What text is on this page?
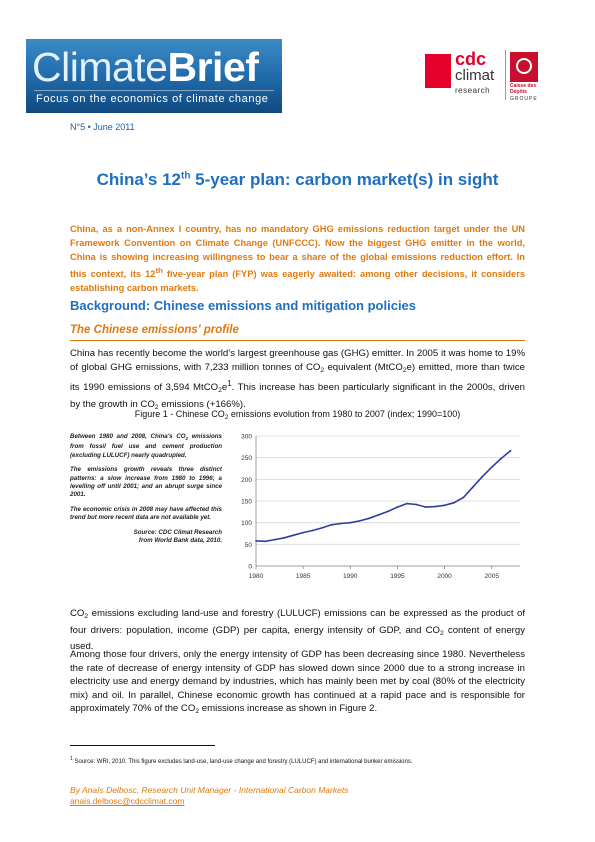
ClimateBrief
Focus on the economics of climate change
cdc
climat
research	Caisse des Dépôts
GROUPE
N°5 • June 2011
China’s 12th 5-year plan: carbon market(s) in sight
China, as a non-Annex I country, has no mandatory GHG emissions reduction target under the UN Framework Convention on Climate Change (UNFCCC). Now the biggest GHG emitter in the world, China is showing increasing willingness to bear a share of the global emissions reduction effort. In this context, its 12th five-year plan (FYP) was eagerly awaited: among other decisions, it considers establishing carbon markets.
Background: Chinese emissions and mitigation policies
The Chinese emissions' profile
China has recently become the world’s largest greenhouse gas (GHG) emitter. In 2005 it was home to 19% of global GHG emissions, with 7,233 million tonnes of $CO_2$ equivalent (MtCO$_2$e) emitted, more than twice its 1990 emissions of 3,594 $MtCO_2e^1$. This increase has been particularly significant in the 2000s, driven by the growth in $CO_2$ emissions (+166%).
Figure 1 - Chinese $CO_2$ emissions evolution from 1980 to 2007 (index; 1990=100)

Between 1980 and 2008, China's $CO_2$ emissions from fossil fuel use and cement production (excluding LULUCF) nearly quadrupled.

The emissions growth reveals three distinct patterns: a slow increase from 1980 to 1996; a levelling off until 2001; and an abrupt surge since 2001.

The economic crisis in 2008 may have affected this trend but more recent data are not available yet.

Source: CDC Climat Research
from World Bank data, 2010.

0
50
100
150
200
250
300
1980	1985	1990	1995	2000	2005
$CO_2$ emissions excluding land-use and forestry (LULUCF) emissions can be expressed as the product of four drivers: population, income (GDP) per capita, energy intensity of GDP, and $CO_2$ content of energy used.
Among those four drivers, only the energy intensity of GDP has been decreasing since 1980. Nevertheless the rate of decrease of energy intensity of GDP has slowed down since 2000 due to a strong increase in electricity use and energy demand by industries, which has mainly been met by coal (80% of the electricity mix) and oil. In parallel, Chinese economic growth has continued at a rapid pace and is responsible for approximately 70% of the $CO_2$ emissions increase as shown in Figure 2.
$^1$ Source: WRI, 2010. This figure excludes land-use, land-use change and forestry (LULUCF) and international bunker emissions.
By Anaïs Delbosc, Research Unit Manager - International Carbon Markets
anais.delbosc@cdcclimat.com
